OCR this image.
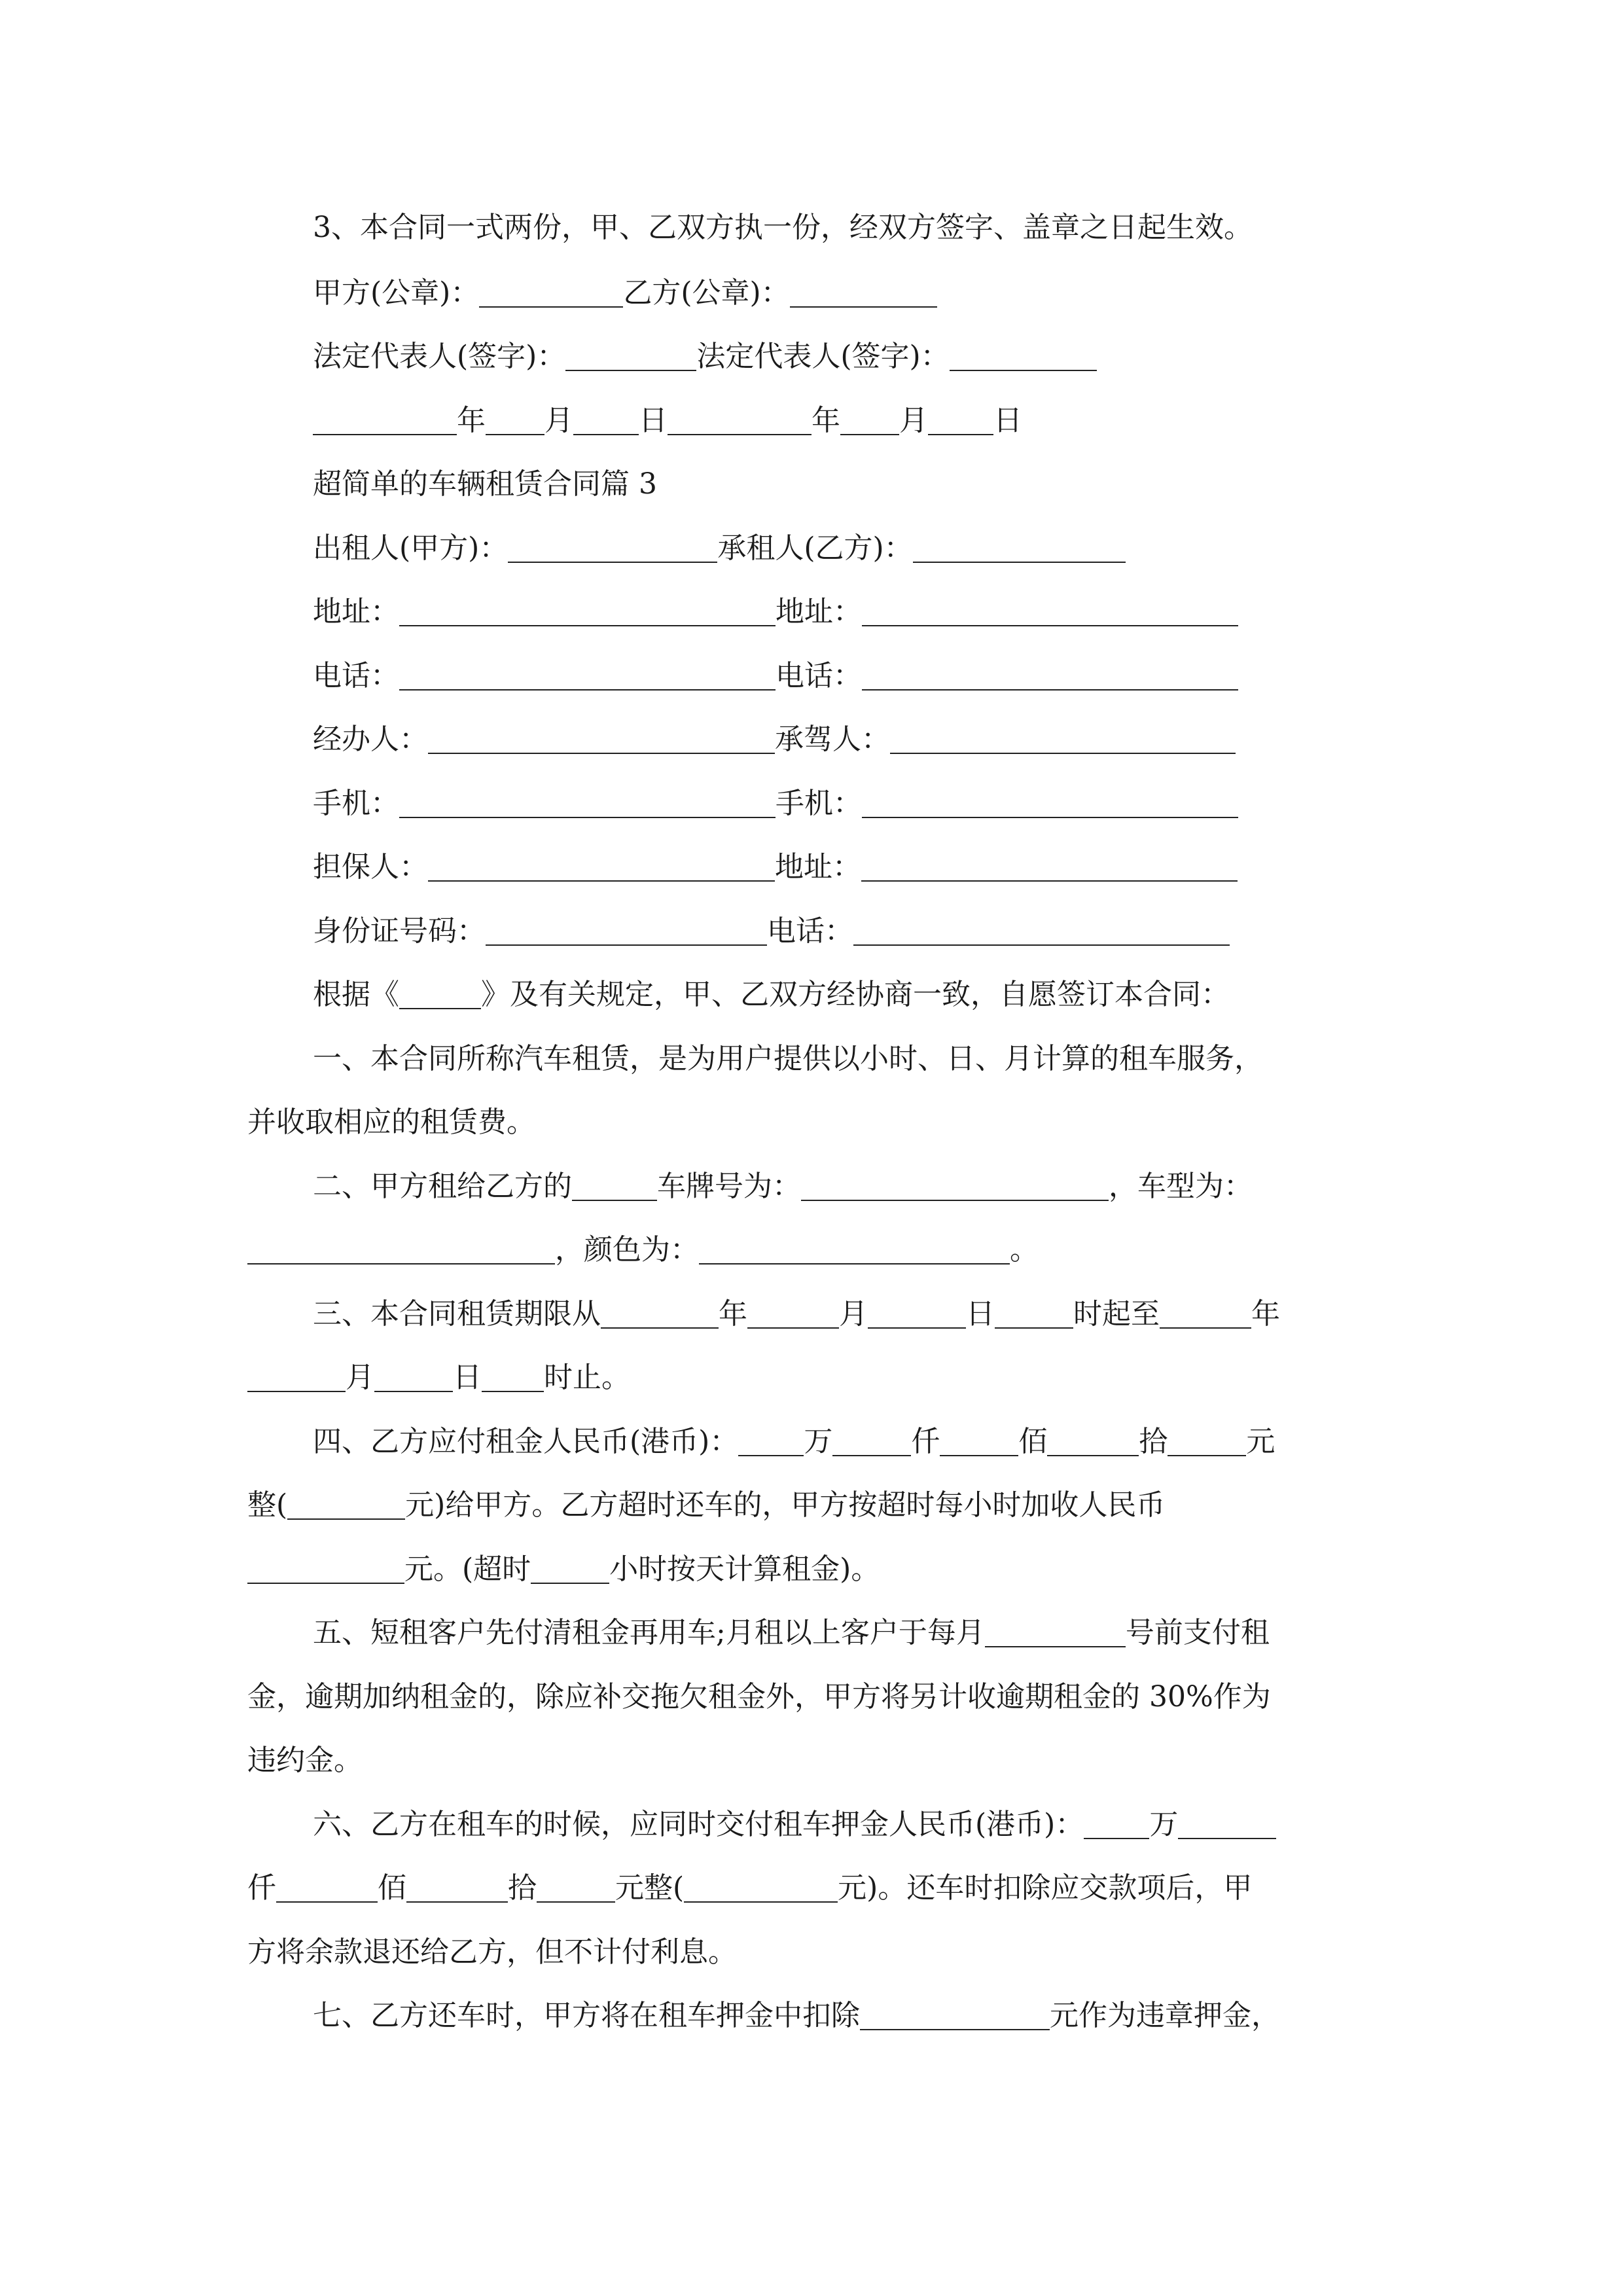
3、本合同一式两份，甲、乙双方执一份，经双方签字、盖章之日起生效。
甲方(公章)：	乙方(公章)：
法定代表人(签字)：	法定代表人(签字)：
年 月 日	年 月 日
超简单的车辆租赁合同篇 3
出租人(甲方)：	承租人(乙方)：
地址：	地址：
电话：	电话：
经办人：	承驾人：
手机：	手机：
担保人：	地址：
身份证号码：	电话：
根据《	》及有关规定，甲、乙双方经协商一致，自愿签订本合同：
一、本合同所称汽车租赁，是为用户提供以小时、日、月计算的租车服务，
并收取相应的租赁费。
二、甲方租给乙方的	车牌号为：	，车型为：
，颜色为：	。
三、本合同租赁期限从	年	月	日	时起至	年
月	日 时止。
四、乙方应付租金人民币(港币)： 万	仟	佰	拾	元
整(	元)给甲方。乙方超时还车的，甲方按超时每小时加收人民币
元。(超时	小时按天计算租金)。
五、短租客户先付清租金再用车;月租以上客户于每月	号前支付租
金，逾期加纳租金的，除应补交拖欠租金外，甲方将另计收逾期租金的 30%作为
违约金。
六、乙方在租车的时候，应同时交付租车押金人民币(港币)： 万
仟	佰	拾	元整(	元)。还车时扣除应交款项后，甲
方将余款退还给乙方，但不计付利息。
七、乙方还车时，甲方将在租车押金中扣除	元作为违章押金，
